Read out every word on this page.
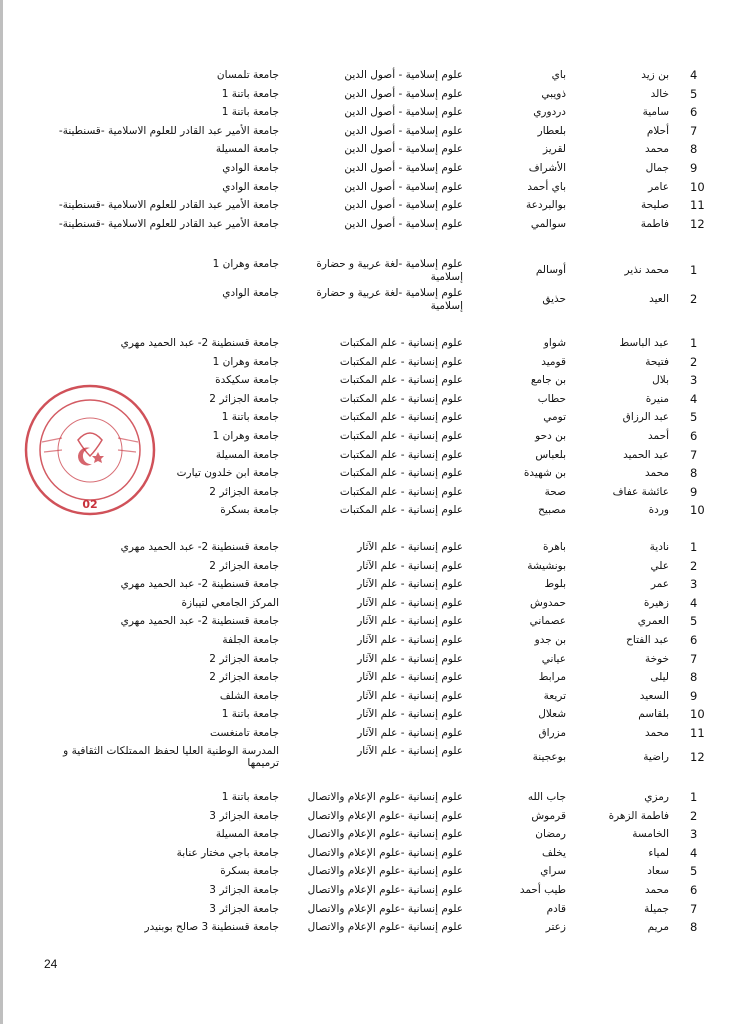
4
بن زيد
باي
علوم إسلامية - أصول الدين
جامعة تلمسان
5
خالد
ذويبي
علوم إسلامية - أصول الدين
جامعة باتنة 1
6
سامية
دردوري
علوم إسلامية - أصول الدين
جامعة باتنة 1
7
أحلام
بلعطار
علوم إسلامية - أصول الدين
جامعة الأمير عبد القادر للعلوم الاسلامية -قسنطينة-
8
محمد
لقريز
علوم إسلامية - أصول الدين
جامعة المسيلة
9
جمال
الأشراف
علوم إسلامية - أصول الدين
جامعة الوادي
10
عامر
باي أحمد
علوم إسلامية - أصول الدين
جامعة الوادي
11
صليحة
بوالبردعة
علوم إسلامية - أصول الدين
جامعة الأمير عبد القادر للعلوم الاسلامية -قسنطينة-
12
فاطمة
سوالمي
علوم إسلامية - أصول الدين
جامعة الأمير عبد القادر للعلوم الاسلامية -قسنطينة-
1
محمد نذير
أوسالم
علوم إسلامية -لغة عربية و حضارة إسلامية
جامعة وهران 1
2
العيد
حذيق
علوم إسلامية -لغة عربية و حضارة إسلامية
جامعة الوادي
1
عبد الباسط
شواو
علوم إنسانية - علم المكتبات
جامعة قسنطينة 2- عبد الحميد مهري
2
فتيحة
قوميد
علوم إنسانية - علم المكتبات
جامعة وهران 1
3
بلال
بن جامع
علوم إنسانية - علم المكتبات
جامعة سكيكدة
4
منيرة
حطاب
علوم إنسانية - علم المكتبات
جامعة الجزائر 2
5
عبد الرزاق
تومي
علوم إنسانية - علم المكتبات
جامعة باتنة 1
6
أحمد
بن دحو
علوم إنسانية - علم المكتبات
جامعة وهران 1
7
عبد الحميد
بلعباس
علوم إنسانية - علم المكتبات
جامعة المسيلة
8
محمد
بن شهيدة
علوم إنسانية - علم المكتبات
جامعة ابن خلدون تيارت
9
عائشة عفاف
صحة
علوم إنسانية - علم المكتبات
جامعة الجزائر 2
10
وردة
مصبيح
علوم إنسانية - علم المكتبات
جامعة بسكرة
1
نادية
باهرة
علوم إنسانية - علم الآثار
جامعة قسنطينة 2- عبد الحميد مهري
2
علي
بونشيشة
علوم إنسانية - علم الآثار
جامعة الجزائر 2
3
عمر
بلوط
علوم إنسانية - علم الآثار
جامعة قسنطينة 2- عبد الحميد مهري
4
زهيرة
حمدوش
علوم إنسانية - علم الآثار
المركز الجامعي لتيبازة
5
العمري
عصماني
علوم إنسانية - علم الآثار
جامعة قسنطينة 2- عبد الحميد مهري
6
عبد الفتاح
بن جدو
علوم إنسانية - علم الآثار
جامعة الجلفة
7
خوخة
عياني
علوم إنسانية - علم الآثار
جامعة الجزائر 2
8
ليلى
مرابط
علوم إنسانية - علم الآثار
جامعة الجزائر 2
9
السعيد
تريعة
علوم إنسانية - علم الآثار
جامعة الشلف
10
بلقاسم
شعلال
علوم إنسانية - علم الآثار
جامعة باتنة 1
11
محمد
مزراق
علوم إنسانية - علم الآثار
جامعة تامنغست
12
راضية
بوعجينة
علوم إنسانية - علم الآثار
المدرسة الوطنية العليا لحفظ الممتلكات الثقافية و ترميمها
1
رمزي
جاب الله
علوم إنسانية -علوم الإعلام والاتصال
جامعة باتنة 1
2
فاطمة الزهرة
قرموش
علوم إنسانية -علوم الإعلام والاتصال
جامعة الجزائر 3
3
الخامسة
رمضان
علوم إنسانية -علوم الإعلام والاتصال
جامعة المسيلة
4
لمياء
يخلف
علوم إنسانية -علوم الإعلام والاتصال
جامعة باجي مختار عنابة
5
سعاد
سراي
علوم إنسانية -علوم الإعلام والاتصال
جامعة بسكرة
6
محمد
طيب أحمد
علوم إنسانية -علوم الإعلام والاتصال
جامعة الجزائر 3
7
جميلة
قادم
علوم إنسانية -علوم الإعلام والاتصال
جامعة الجزائر 3
8
مريم
زعتر
علوم إنسانية -علوم الإعلام والاتصال
جامعة قسنطينة 3 صالح بوبنيدر
02
24
